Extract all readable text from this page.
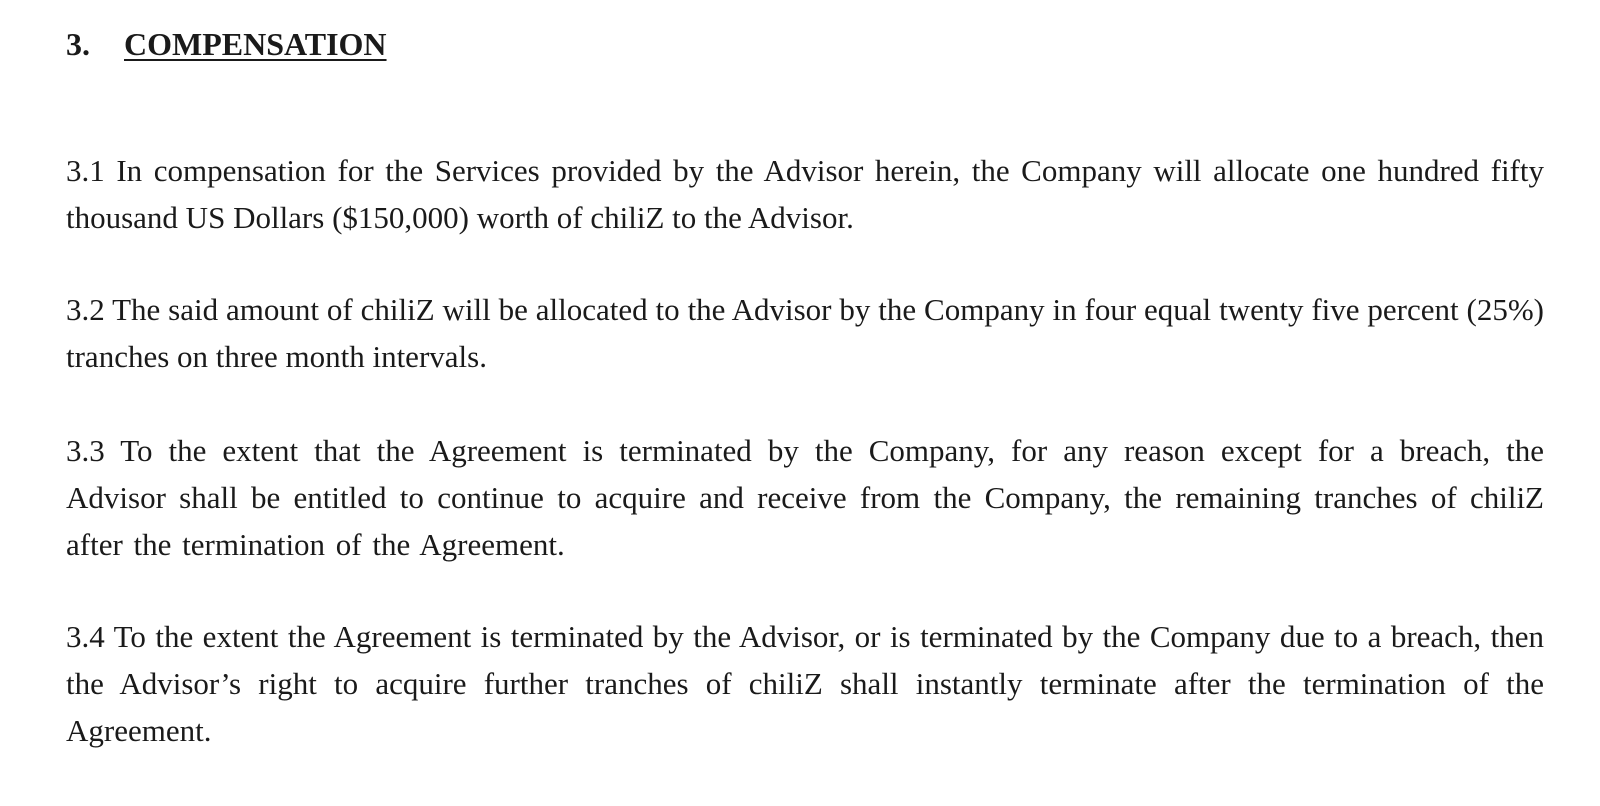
3. COMPENSATION

3.1 In compensation for the Services provided by the Advisor herein, the Company will allocate one hundred fifty thousand US Dollars ($150,000) worth of chiliZ to the Advisor.

3.2 The said amount of chiliZ will be allocated to the Advisor by the Company in four equal twenty five percent (25%) tranches on three month intervals.

3.3 To the extent that the Agreement is terminated by the Company, for any reason except for a breach, the Advisor shall be entitled to continue to acquire and receive from the Company, the remaining tranches of chiliZ after the termination of the Agreement.

3.4 To the extent the Agreement is terminated by the Advisor, or is terminated by the Company due to a breach, then the Advisor’s right to acquire further tranches of chiliZ shall instantly terminate after the termination of the Agreement.
